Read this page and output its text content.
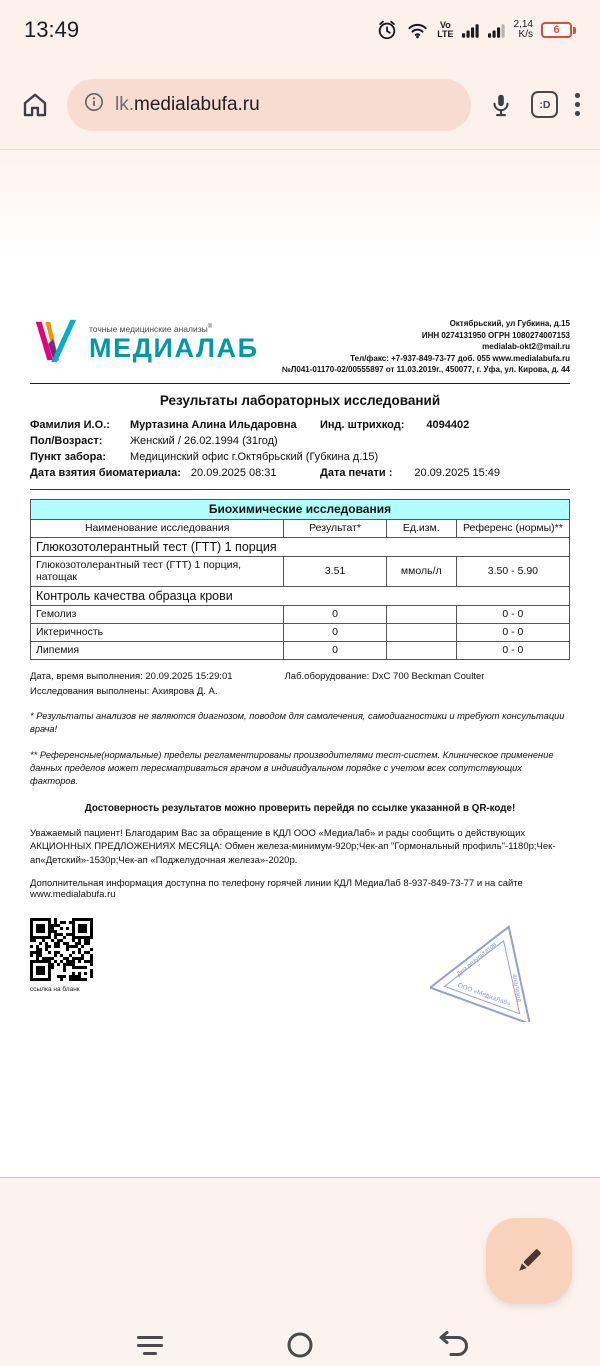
13:49	Vo
LTE
2,14
K/s 6
lk.medialabufa.ru	:D
точные медицинские анализы®
МЕДИАЛАБ
Октябрьский, ул Губкина, д.15
ИНН 0274131950 ОГРН 1080274007153
medialab-okt2@mail.ru
Тел/факс: +7-937-849-73-77 доб. 055 www.medialabufa.ru
№Л041-01170-02/00555897 от 11.03.2019г., 450077, г. Уфа, ул. Кирова, д. 44
Результаты лабораторных исследований
Фамилия И.О.:	Муртазина Алина Ильдаровна Инд. штрихкод: 4094402
Пол/Возраст:	Женский / 26.02.1994 (31год)
Пункт забора:	Медицинский офис г.Октябрьский (Губкина д.15)
Дата взятия биоматериала: 20.09.2025 08:31	Дата печати : 20.09.2025 15:49
Биохимические исследования
Наименование исследования	Результат*	Ед.изм.	Референс (нормы)**
Глюкозотолерантный тест (ГТТ) 1 порция			
Глюкозотолерантный тест (ГТТ) 1 порция, натощак	3.51	ммоль/л	3.50 - 5.90
Контроль качества образца крови			
Гемолиз	0		0 - 0
Иктеричность	0		0 - 0
Липемия	0		0 - 0
Дата, время выполнения: 20.09.2025 15:29:01	Лаб.оборудование: DxC 700 Beckman Coulter
Исследования выполнены: Ахиярова Д. А.
* Результаты анализов не являются диагнозом, поводом для самолечения, самодиагностики и требуют консультации врача!
** Референсные(нормальные) пределы регламентированы производителями тест-систем. Клиническое применение данных пределов может пересматриваться врачом в индивидуальном порядке с учетом всех сопутствующих факторов.
Достоверность результатов можно проверить перейдя по ссылке указанной в QR-коде!
Уважаемый пациент! Благодарим Вас за обращение в КДЛ ООО «МедиаЛаб» и рады сообщить о действующих АКЦИОННЫХ ПРЕДЛОЖЕНИЯХ МЕСЯЦА: Обмен железа-минимум-920р;Чек-ап "Гормональный профиль"-1180р;Чек-ап«Детский»-1530р;Чек-ап «Поджелудочная железа»-2020р.
Дополнительная информация доступна по телефону горячей линии КДЛ МедиаЛаб 8-937-849-73-77 и на сайте www.medialabufa.ru
ссылка на бланк
Для результатов
анализов
ООО «МедиаЛаб»
